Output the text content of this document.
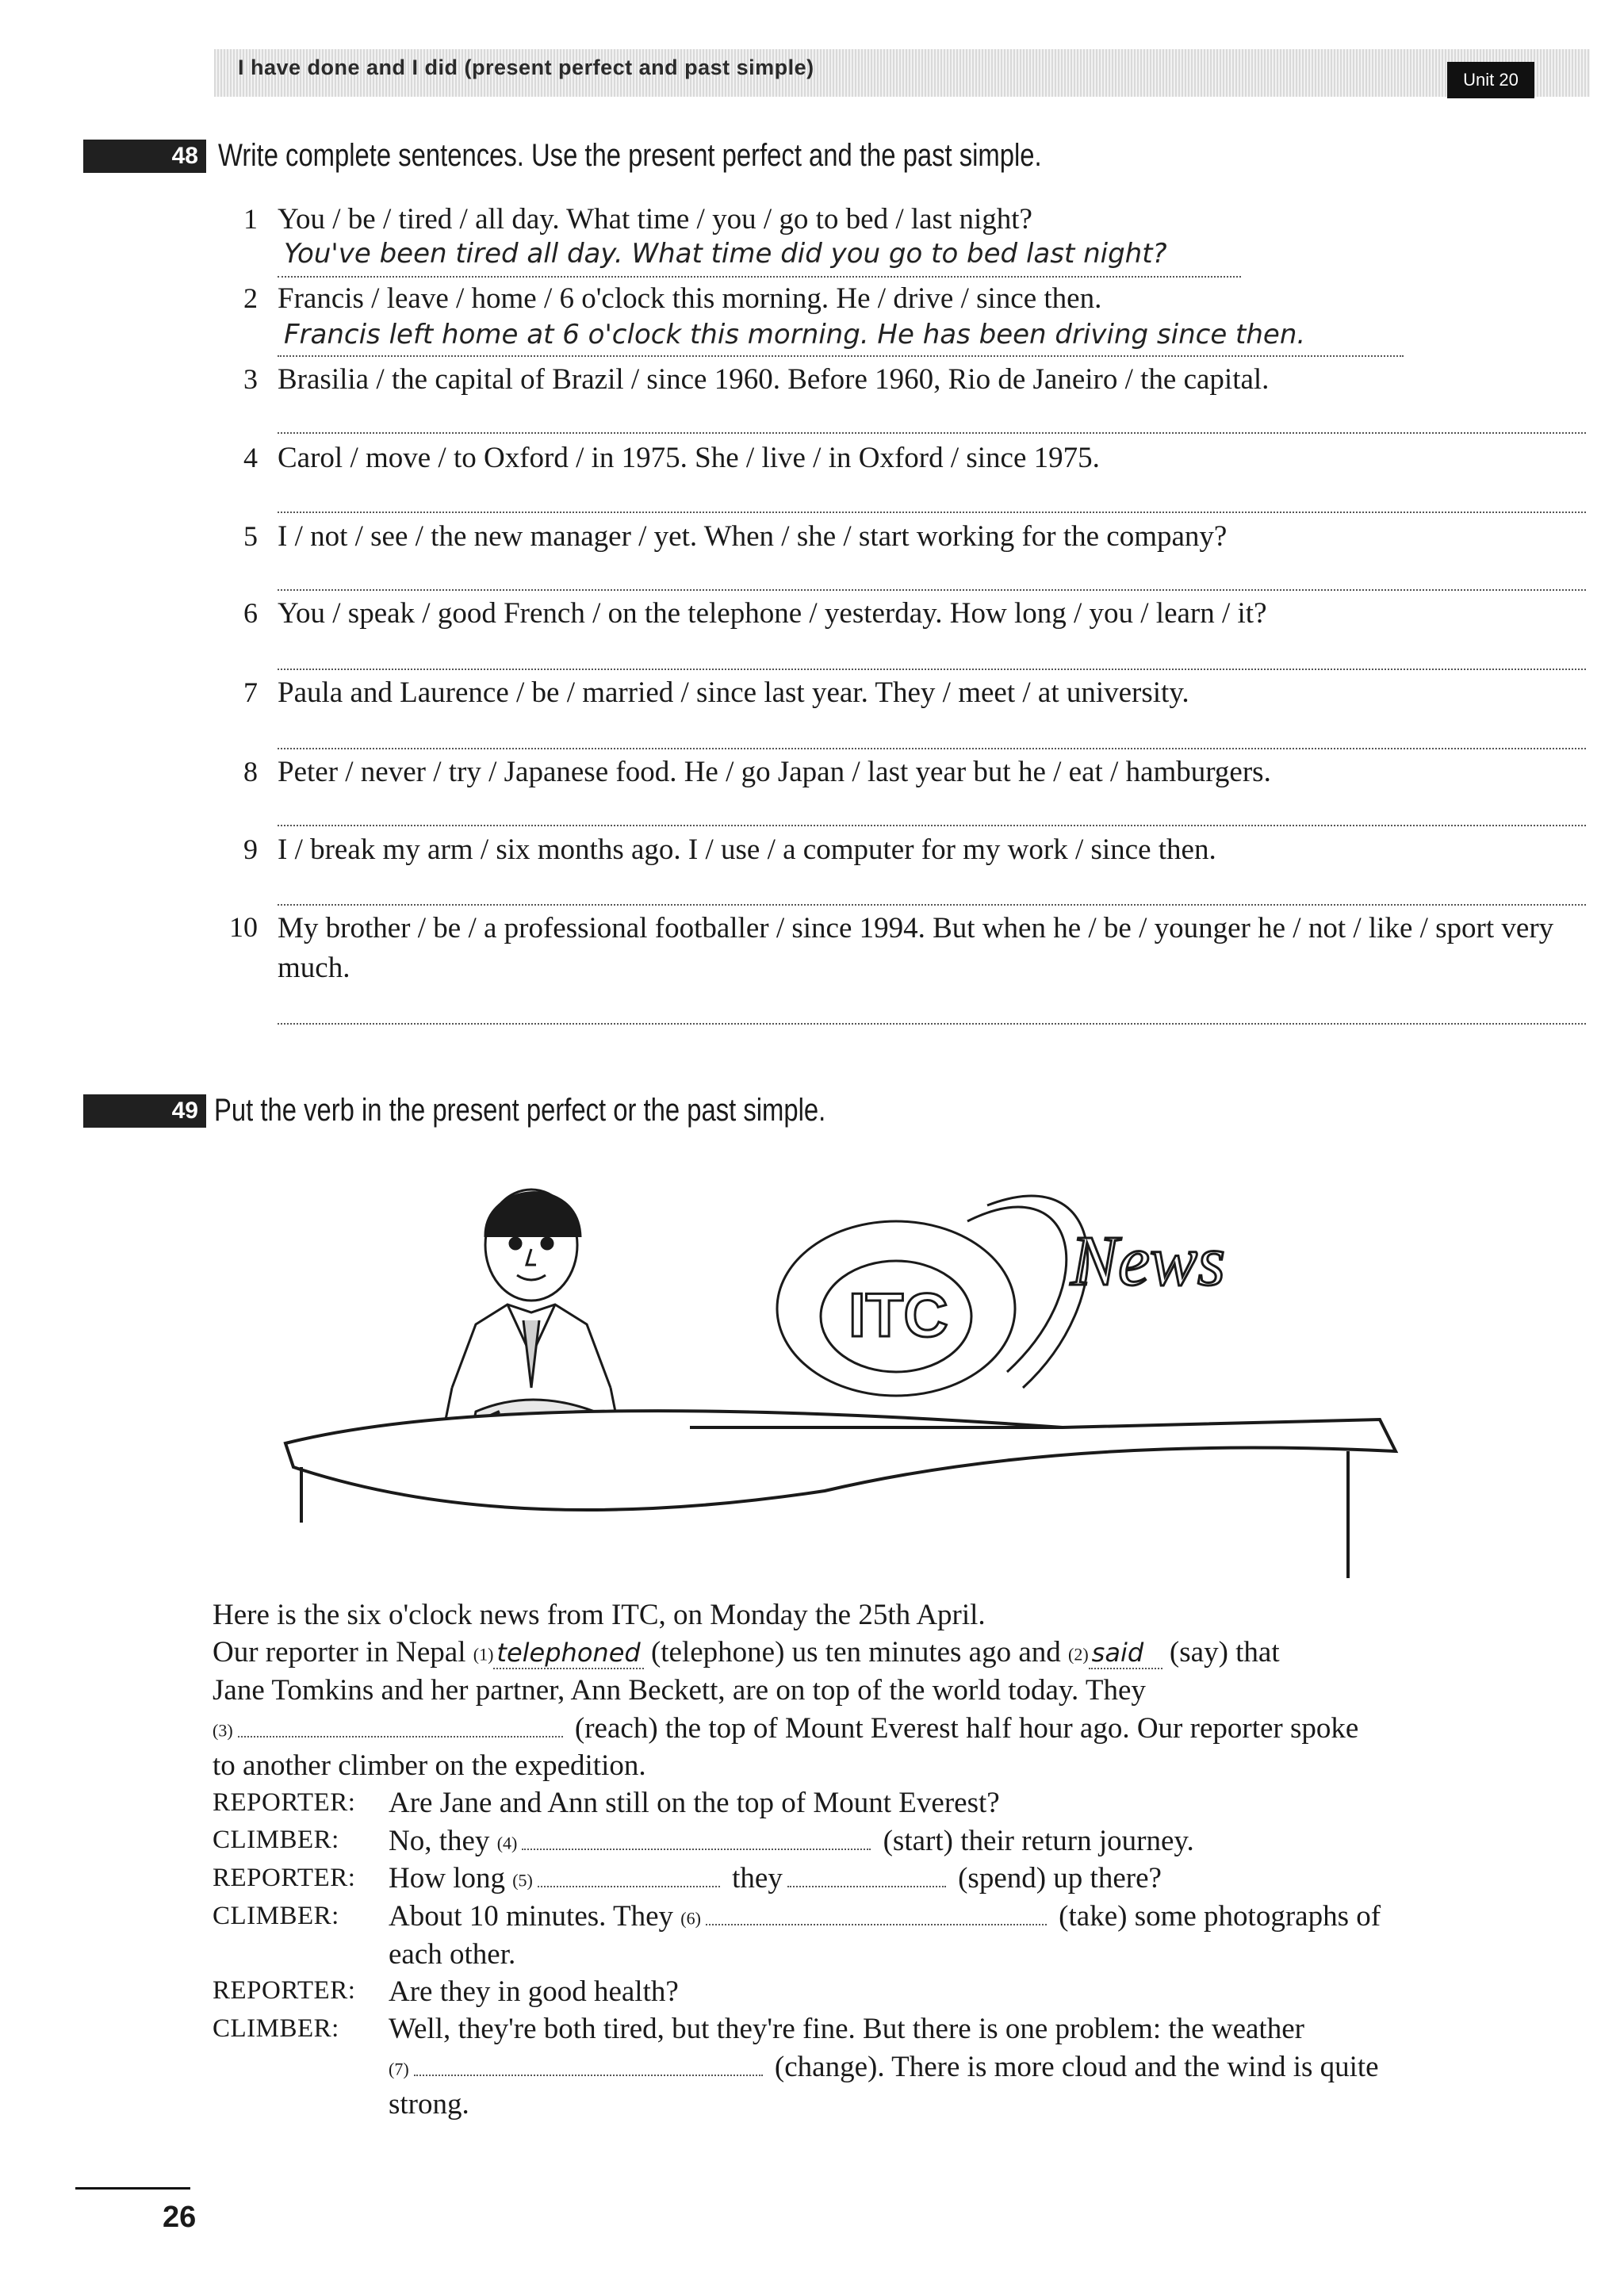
I have done and I did (present perfect and past simple)
Unit 20
48 Write complete sentences. Use the present perfect and the past simple.
1 You / be / tired / all day. What time / you / go to bed / last night?
You've been tired all day. What time did you go to bed last night?
2 Francis / leave / home / 6 o'clock this morning. He / drive / since then.
Francis left home at 6 o'clock this morning. He has been driving since then.
3 Brasilia / the capital of Brazil / since 1960. Before 1960, Rio de Janeiro / the capital.
4 Carol / move / to Oxford / in 1975. She / live / in Oxford / since 1975.
5 I / not / see / the new manager / yet. When / she / start working for the company?
6 You / speak / good French / on the telephone / yesterday. How long / you / learn / it?
7 Paula and Laurence / be / married / since last year. They / meet / at university.
8 Peter / never / try / Japanese food. He / go Japan / last year but he / eat / hamburgers.
9 I / break my arm / six months ago. I / use / a computer for my work / since then.
10 My brother / be / a professional footballer / since 1994. But when he / be / younger he / not / like / sport very much.
49 Put the verb in the present perfect or the past simple.
ITC
News
Here is the six o'clock news from ITC, on Monday the 25th April.
Our reporter in Nepal (1) telephoned (telephone) us ten minutes ago and (2) said (say) that
Jane Tomkins and her partner, Ann Beckett, are on top of the world today. They
(3)	(reach) the top of Mount Everest half hour ago. Our reporter spoke
to another climber on the expedition.
REPORTER: Are Jane and Ann still on the top of Mount Everest?
CLIMBER: No, they (4)	(start) their return journey.
REPORTER: How long (5)	they	(spend) up there?
CLIMBER: About 10 minutes. They (6)	(take) some photographs of
each other.
REPORTER: Are they in good health?
CLIMBER: Well, they're both tired, but they're fine. But there is one problem: the weather
(7)	(change). There is more cloud and the wind is quite
strong.
26
